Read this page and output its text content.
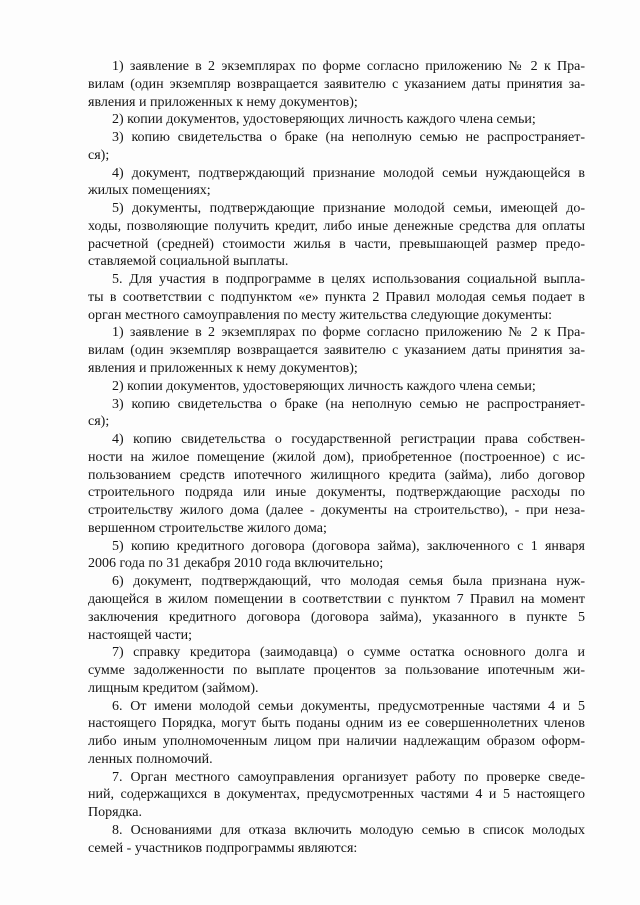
1) заявление в 2 экземплярах по форме согласно приложению № 2 к Пра-
вилам (один экземпляр возвращается заявителю с указанием даты принятия за-
явления и приложенных к нему документов);
2) копии документов, удостоверяющих личность каждого члена семьи;
3) копию свидетельства о браке (на неполную семью не распространяет-
ся);
4) документ, подтверждающий признание молодой семьи нуждающейся в
жилых помещениях;
5) документы, подтверждающие признание молодой семьи, имеющей до-
ходы, позволяющие получить кредит, либо иные денежные средства для оплаты
расчетной (средней) стоимости жилья в части, превышающей размер предо-
ставляемой социальной выплаты.
5. Для участия в подпрограмме в целях использования социальной выпла-
ты в соответствии с подпунктом «е» пункта 2 Правил молодая семья подает в
орган местного самоуправления по месту жительства следующие документы:
1) заявление в 2 экземплярах по форме согласно приложению № 2 к Пра-
вилам (один экземпляр возвращается заявителю с указанием даты принятия за-
явления и приложенных к нему документов);
2) копии документов, удостоверяющих личность каждого члена семьи;
3) копию свидетельства о браке (на неполную семью не распространяет-
ся);
4) копию свидетельства о государственной регистрации права собствен-
ности на жилое помещение (жилой дом), приобретенное (построенное) с ис-
пользованием средств ипотечного жилищного кредита (займа), либо договор
строительного подряда или иные документы, подтверждающие расходы по
строительству жилого дома (далее - документы на строительство), - при неза-
вершенном строительстве жилого дома;
5) копию кредитного договора (договора займа), заключенного с 1 января
2006 года по 31 декабря 2010 года включительно;
6) документ, подтверждающий, что молодая семья была признана нуж-
дающейся в жилом помещении в соответствии с пунктом 7 Правил на момент
заключения кредитного договора (договора займа), указанного в пункте 5
настоящей части;
7) справку кредитора (заимодавца) о сумме остатка основного долга и
сумме задолженности по выплате процентов за пользование ипотечным жи-
лищным кредитом (займом).
6. От имени молодой семьи документы, предусмотренные частями 4 и 5
настоящего Порядка, могут быть поданы одним из ее совершеннолетних членов
либо иным уполномоченным лицом при наличии надлежащим образом оформ-
ленных полномочий.
7. Орган местного самоуправления организует работу по проверке сведе-
ний, содержащихся в документах, предусмотренных частями 4 и 5 настоящего
Порядка.
8. Основаниями для отказа включить молодую семью в список молодых
семей - участников подпрограммы являются:
